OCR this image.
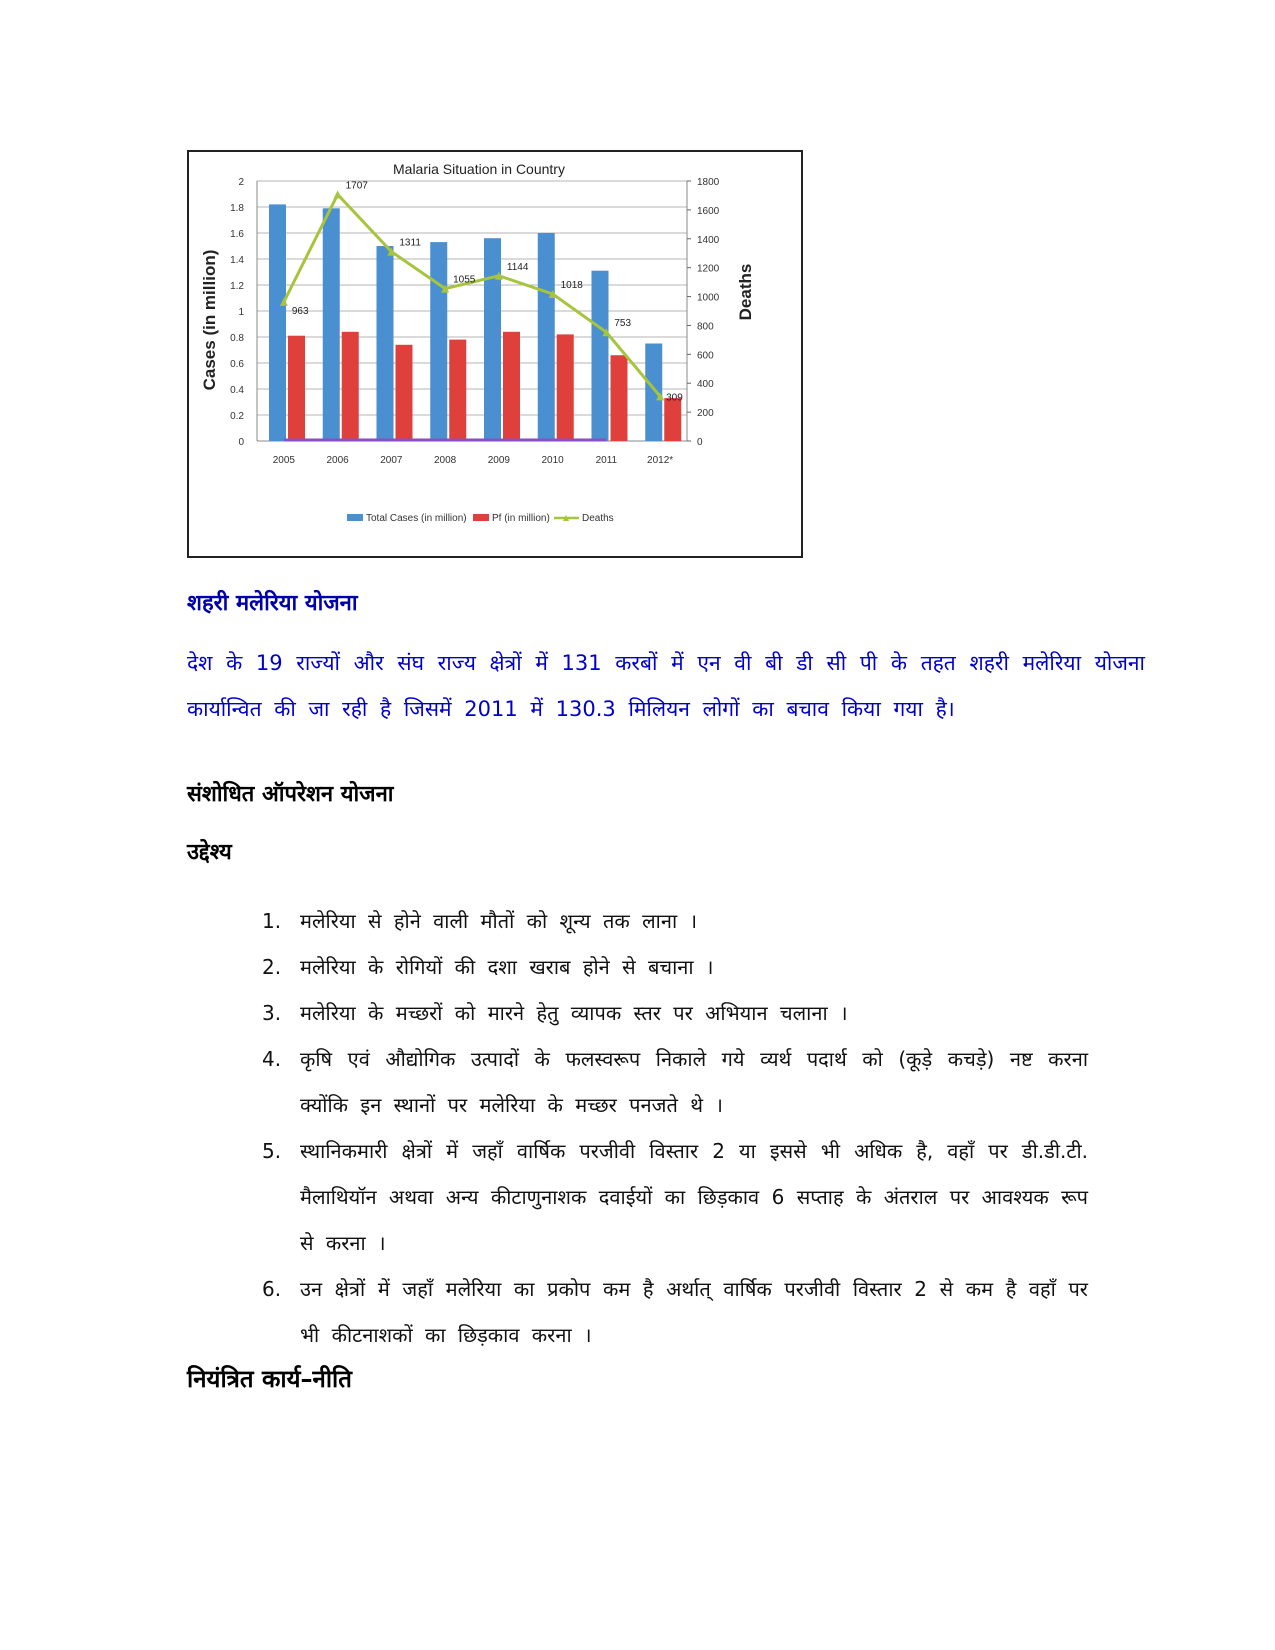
Malaria Situation in Country
Cases (in million)	Deaths
963
1707
1311
1055
1144
1018
753
309
0
0.2
0.4
0.6
0.8
1
1.2
1.4
1.6
1.8
2
0
200
400
600
800
1000
1200
1400
1600
1800
2005	2006	2007	2008	2009	2010	2011	2012*
Total Cases (in million)	Pf (in million)	Deaths
शहरी मलेरिया योजना
देश के 19 राज्यों और संघ राज्य क्षेत्रों में 131 करबों में एन वी बी डी सी पी के तहत शहरी मलेरिया योजना कार्यान्वित की जा रही है जिसमें 2011 में 130.3 मिलियन लोगों का बचाव किया गया है।
संशोधित ऑपरेशन योजना
उद्देश्य
1. मलेरिया से होने वाली मौतों को शून्य तक लाना ।
2. मलेरिया के रोगियों की दशा खराब होने से बचाना ।
3. मलेरिया के मच्छरों को मारने हेतु व्यापक स्तर पर अभियान चलाना ।
4. कृषि एवं औद्योगिक उत्पादों के फलस्वरूप निकाले गये व्यर्थ पदार्थ को (कूड़े कचड़े) नष्ट करना क्योंकि इन स्थानों पर मलेरिया के मच्छर पनजते थे ।
5. स्थानिकमारी क्षेत्रों में जहाँ वार्षिक परजीवी विस्तार 2 या इससे भी अधिक है, वहाँ पर डी.डी.टी. मैलाथियॉन अथवा अन्य कीटाणुनाशक दवाईयों का छिड़काव 6 सप्ताह के अंतराल पर आवश्यक रूप से करना ।
6. उन क्षेत्रों में जहाँ मलेरिया का प्रकोप कम है अर्थात् वार्षिक परजीवी विस्तार 2 से कम है वहाँ पर भी कीटनाशकों का छिड़काव करना ।
नियंत्रित कार्य–नीति
